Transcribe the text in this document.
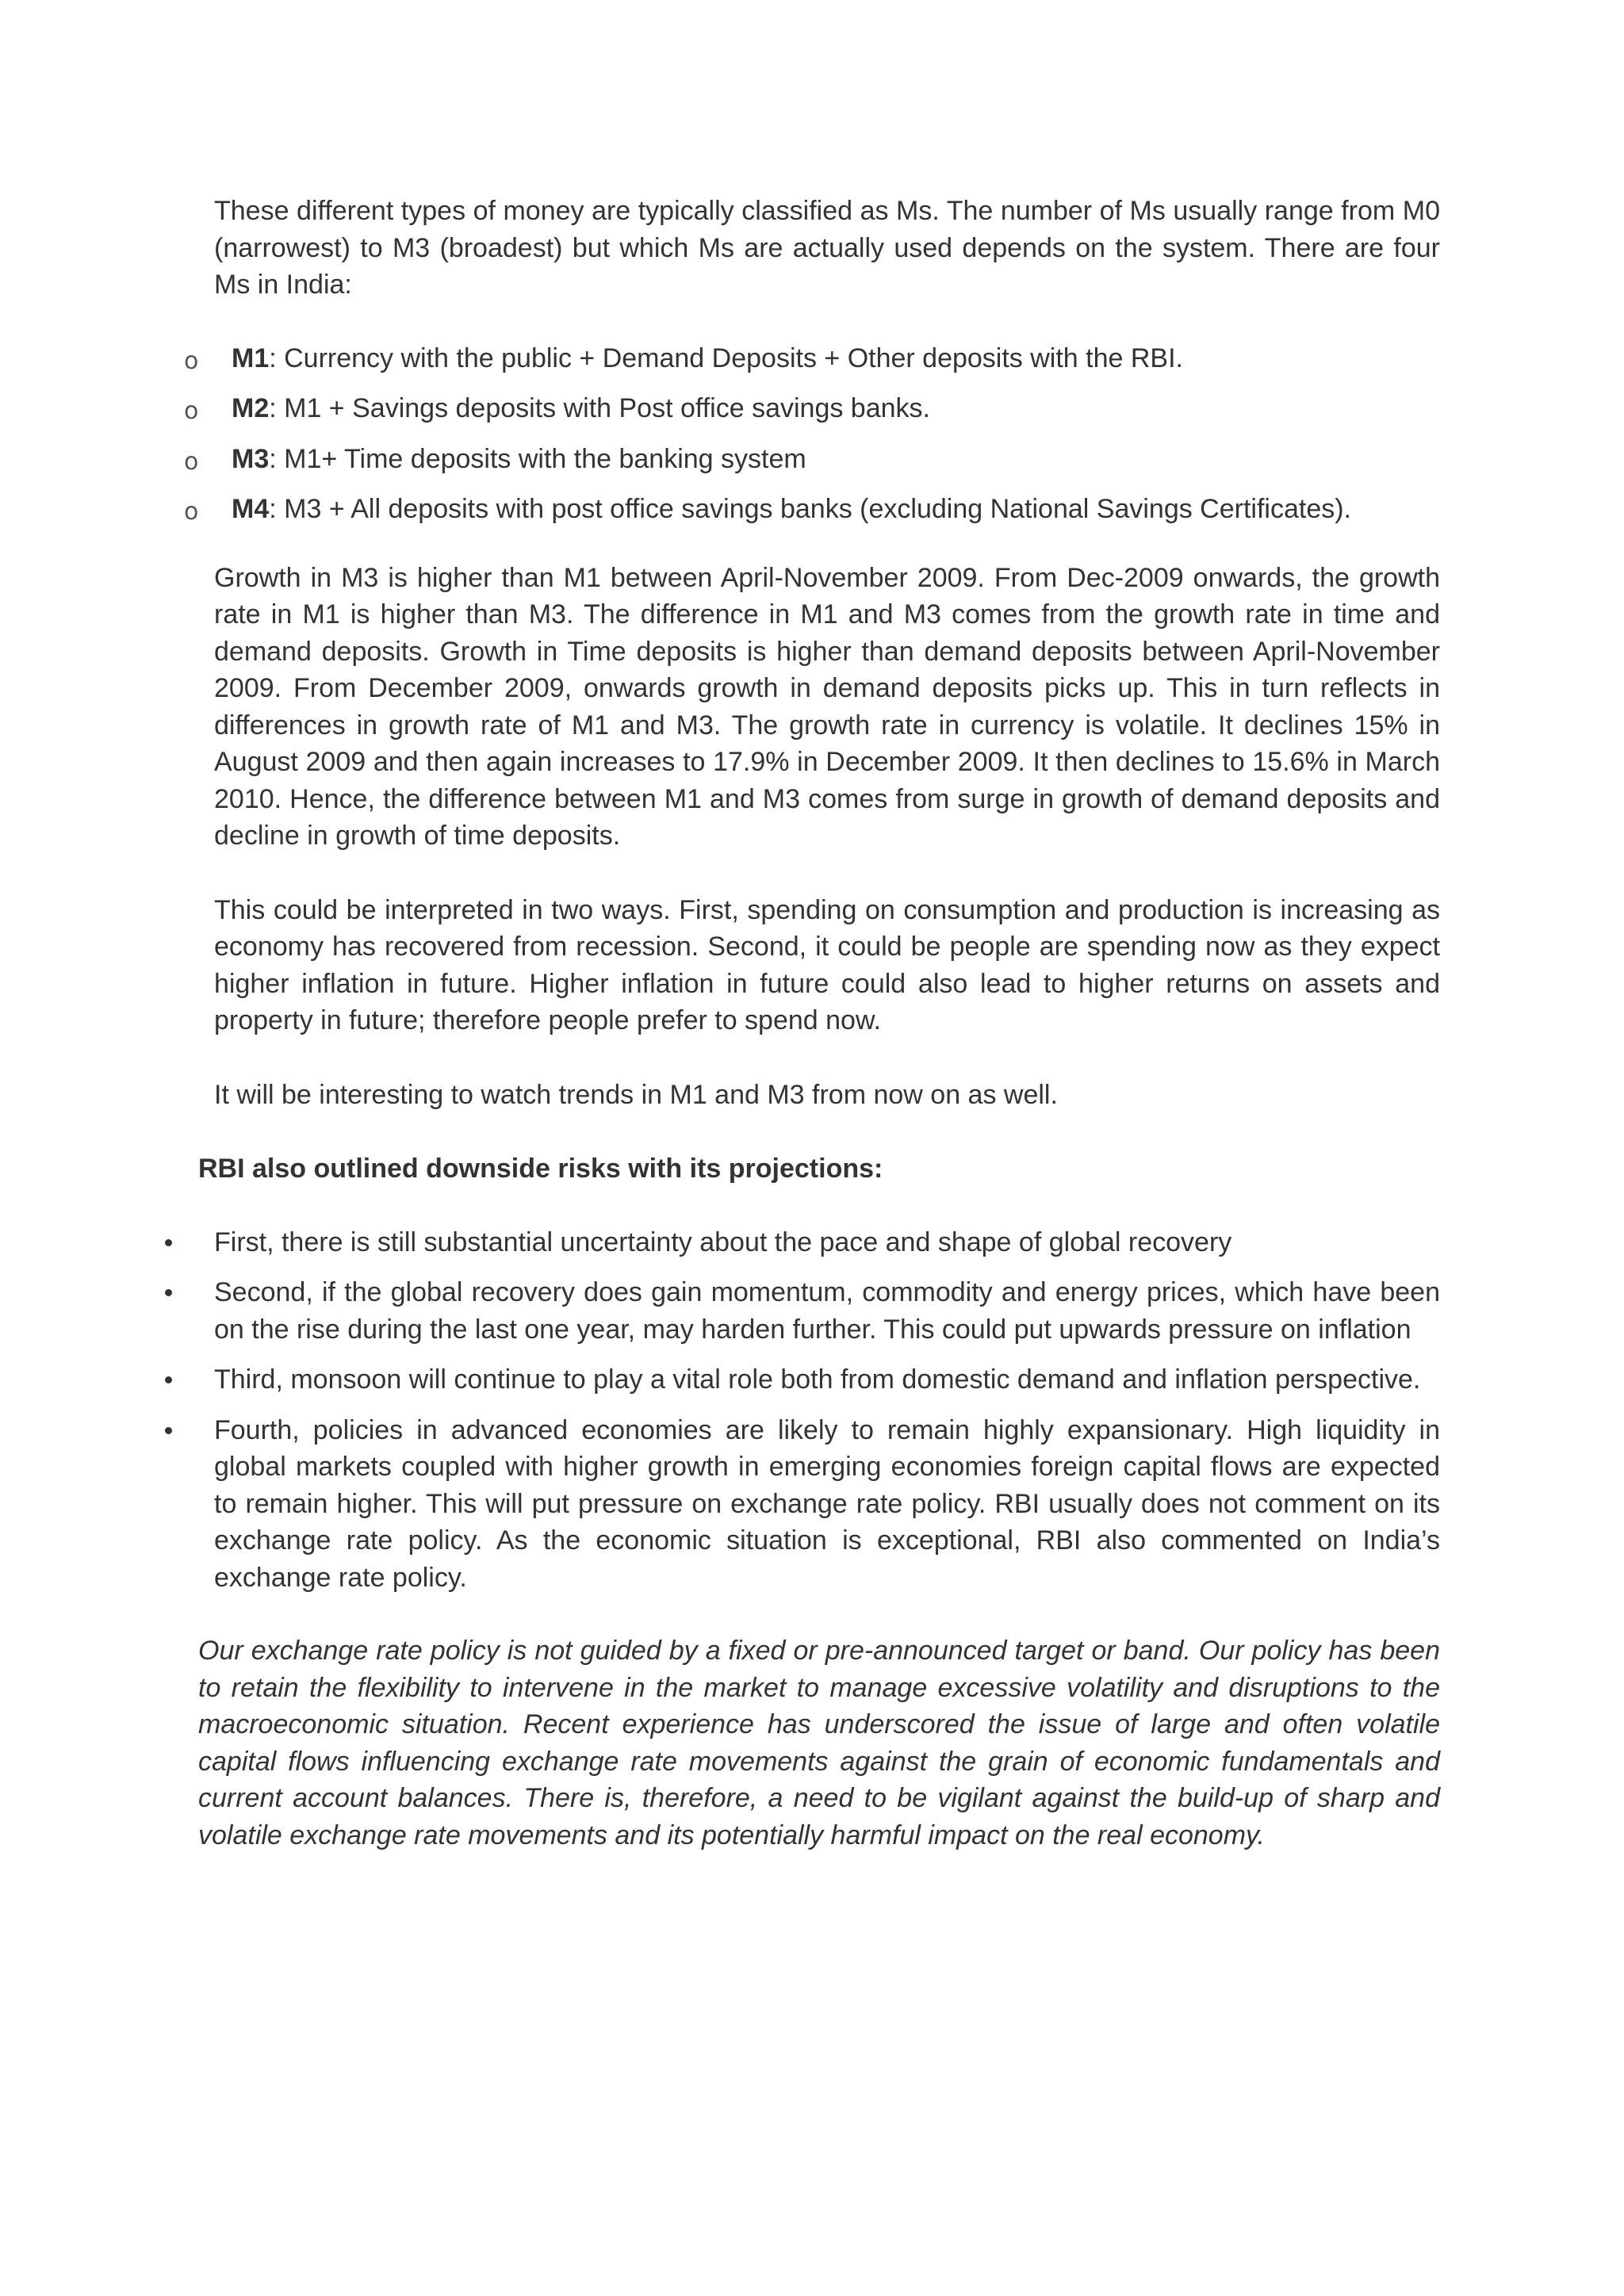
These different types of money are typically classified as Ms. The number of Ms usually range from M0 (narrowest) to M3 (broadest) but which Ms are actually used depends on the system. There are four Ms in India:

o M1: Currency with the public + Demand Deposits + Other deposits with the RBI.
o M2: M1 + Savings deposits with Post office savings banks.
o M3: M1+ Time deposits with the banking system
o M4: M3 + All deposits with post office savings banks (excluding National Savings Certificates).

Growth in M3 is higher than M1 between April-November 2009. From Dec-2009 onwards, the growth rate in M1 is higher than M3. The difference in M1 and M3 comes from the growth rate in time and demand deposits. Growth in Time deposits is higher than demand deposits between April-November 2009. From December 2009, onwards growth in demand deposits picks up. This in turn reflects in differences in growth rate of M1 and M3. The growth rate in currency is volatile. It declines 15% in August 2009 and then again increases to 17.9% in December 2009. It then declines to 15.6% in March 2010. Hence, the difference between M1 and M3 comes from surge in growth of demand deposits and decline in growth of time deposits.

This could be interpreted in two ways. First, spending on consumption and production is increasing as economy has recovered from recession. Second, it could be people are spending now as they expect higher inflation in future. Higher inflation in future could also lead to higher returns on assets and property in future; therefore people prefer to spend now.

It will be interesting to watch trends in M1 and M3 from now on as well.

RBI also outlined downside risks with its projections:

First, there is still substantial uncertainty about the pace and shape of global recovery
Second, if the global recovery does gain momentum, commodity and energy prices, which have been on the rise during the last one year, may harden further. This could put upwards pressure on inflation
Third, monsoon will continue to play a vital role both from domestic demand and inflation perspective.
Fourth, policies in advanced economies are likely to remain highly expansionary. High liquidity in global markets coupled with higher growth in emerging economies foreign capital flows are expected to remain higher. This will put pressure on exchange rate policy. RBI usually does not comment on its exchange rate policy. As the economic situation is exceptional, RBI also commented on India’s exchange rate policy.

Our exchange rate policy is not guided by a fixed or pre-announced target or band. Our policy has been to retain the flexibility to intervene in the market to manage excessive volatility and disruptions to the macroeconomic situation. Recent experience has underscored the issue of large and often volatile capital flows influencing exchange rate movements against the grain of economic fundamentals and current account balances. There is, therefore, a need to be vigilant against the build-up of sharp and volatile exchange rate movements and its potentially harmful impact on the real economy.
